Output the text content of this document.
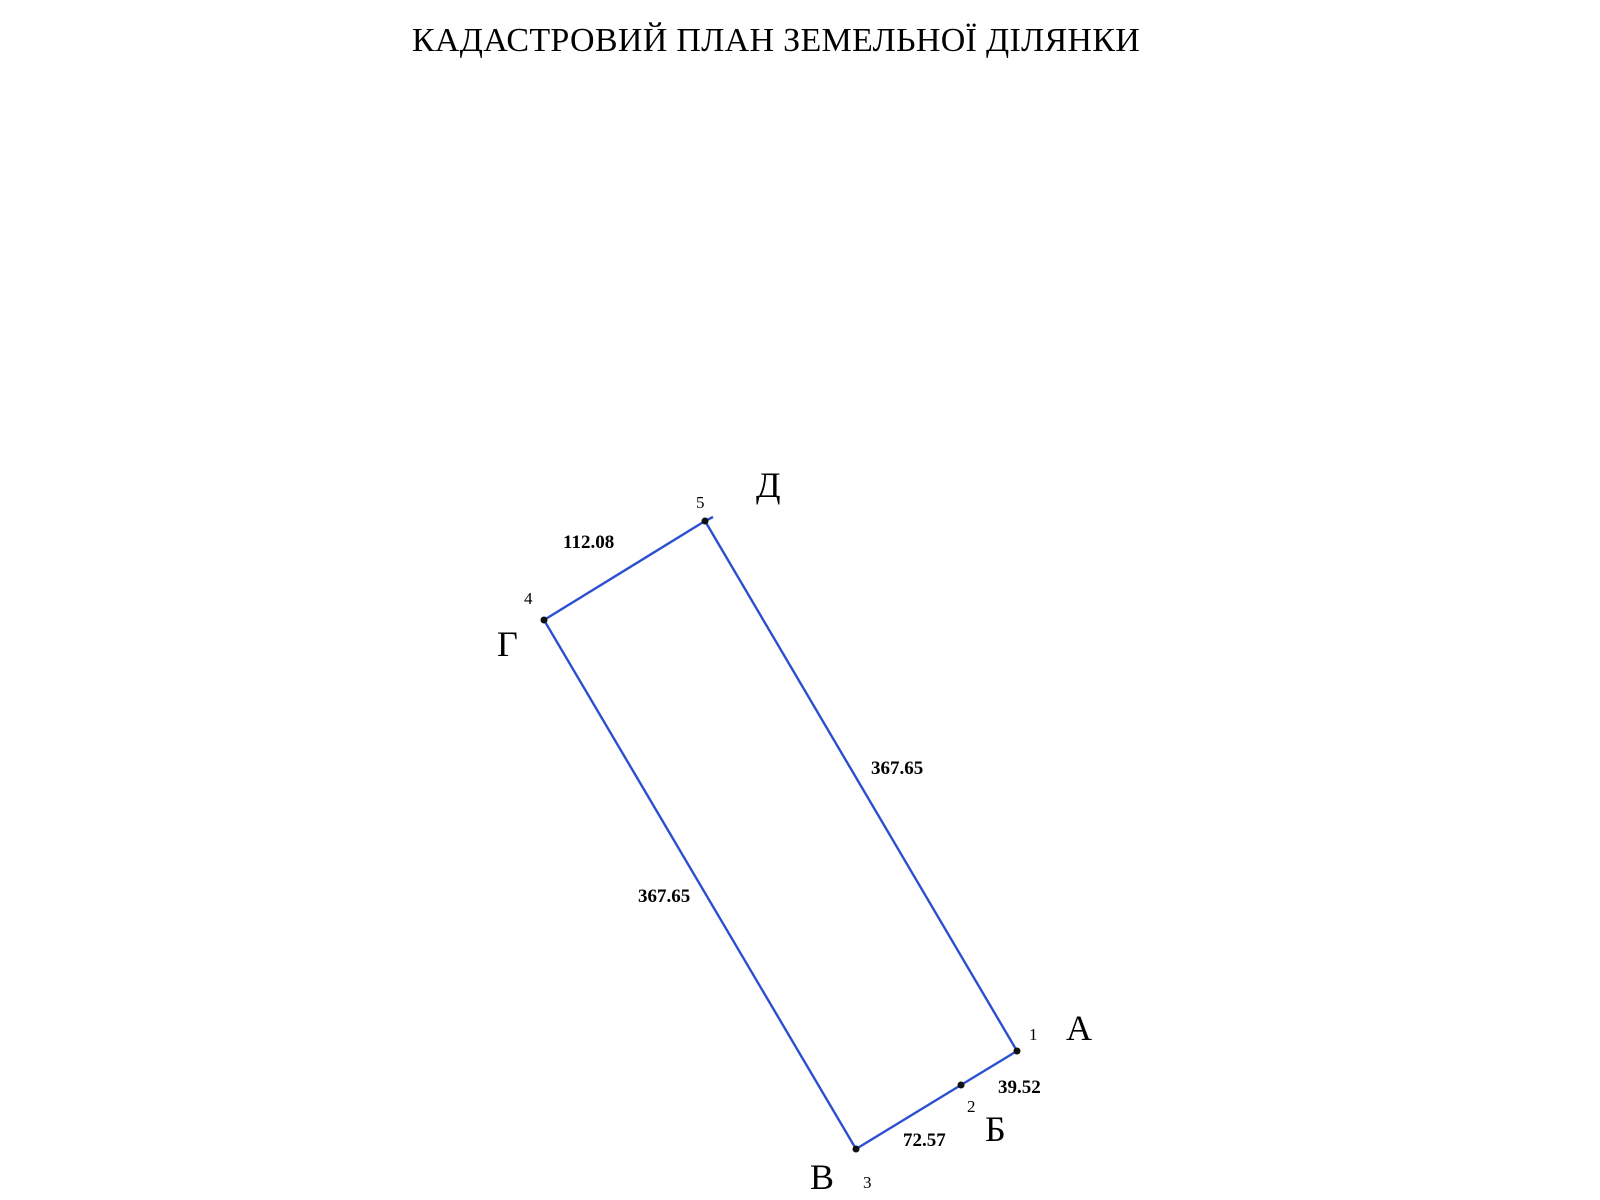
КАДАСТРОВИЙ ПЛАН ЗЕМЕЛЬНОЇ ДІЛЯНКИ
1
2
3
4
5
А
Б
В
Г
Д
39.52
72.57
367.65
112.08
367.65
